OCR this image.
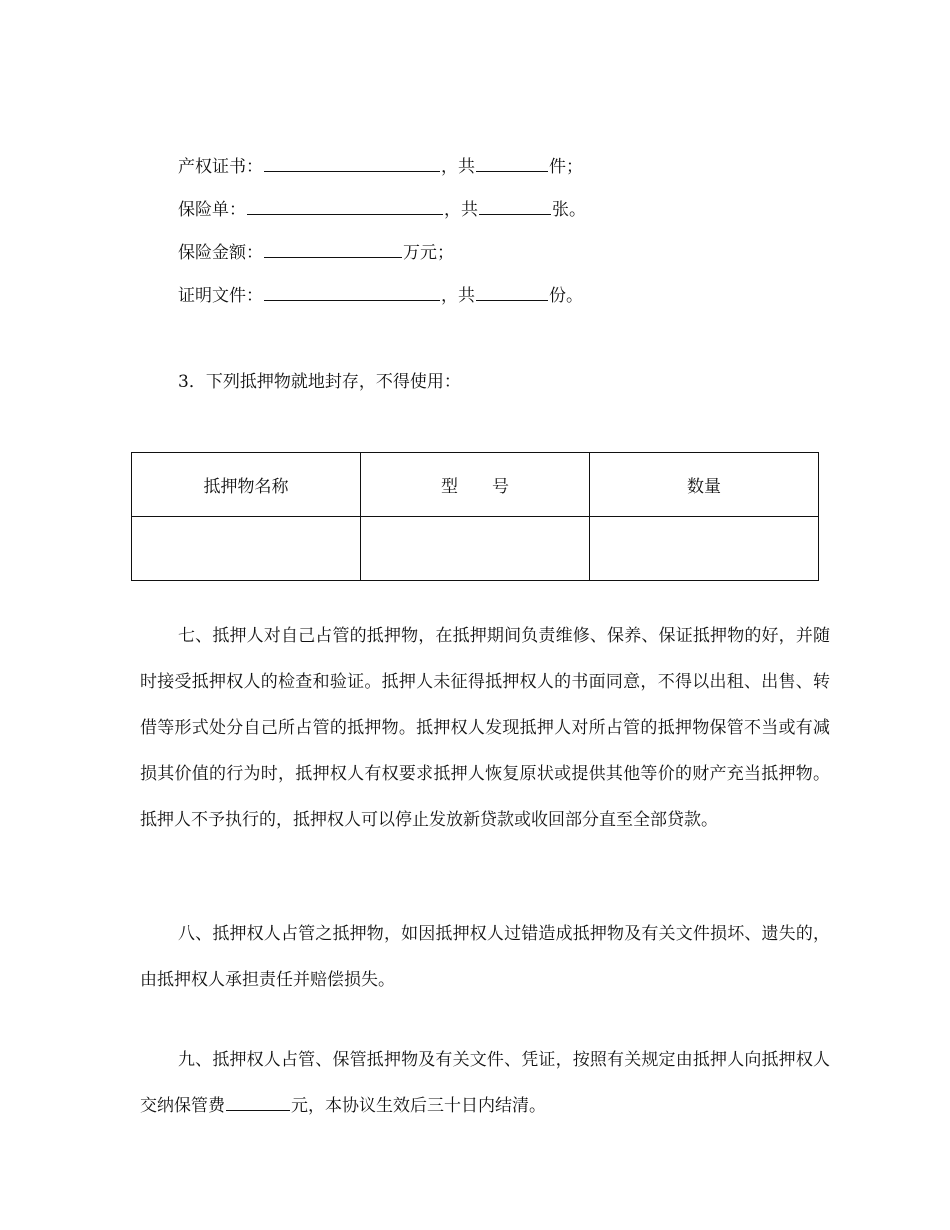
产权证书：	，共	件；
保险单：	，共	张。
保险金额：	万元；
证明文件：	，共	份。
3．下列抵押物就地封存，不得使用：
抵押物名称	型　　号	数量

七、抵押人对自己占管的抵押物，在抵押期间负责维修、保养、保证抵押物的好，并随时接受抵押权人的检查和验证。抵押人未征得抵押权人的书面同意，不得以出租、出售、转借等形式处分自己所占管的抵押物。抵押权人发现抵押人对所占管的抵押物保管不当或有减损其价值的行为时，抵押权人有权要求抵押人恢复原状或提供其他等价的财产充当抵押物。抵押人不予执行的，抵押权人可以停止发放新贷款或收回部分直至全部贷款。

八、抵押权人占管之抵押物，如因抵押权人过错造成抵押物及有关文件损坏、遗失的，由抵押权人承担责任并赔偿损失。

九、抵押权人占管、保管抵押物及有关文件、凭证，按照有关规定由抵押人向抵押权人交纳保管费	元，本协议生效后三十日内结清。
